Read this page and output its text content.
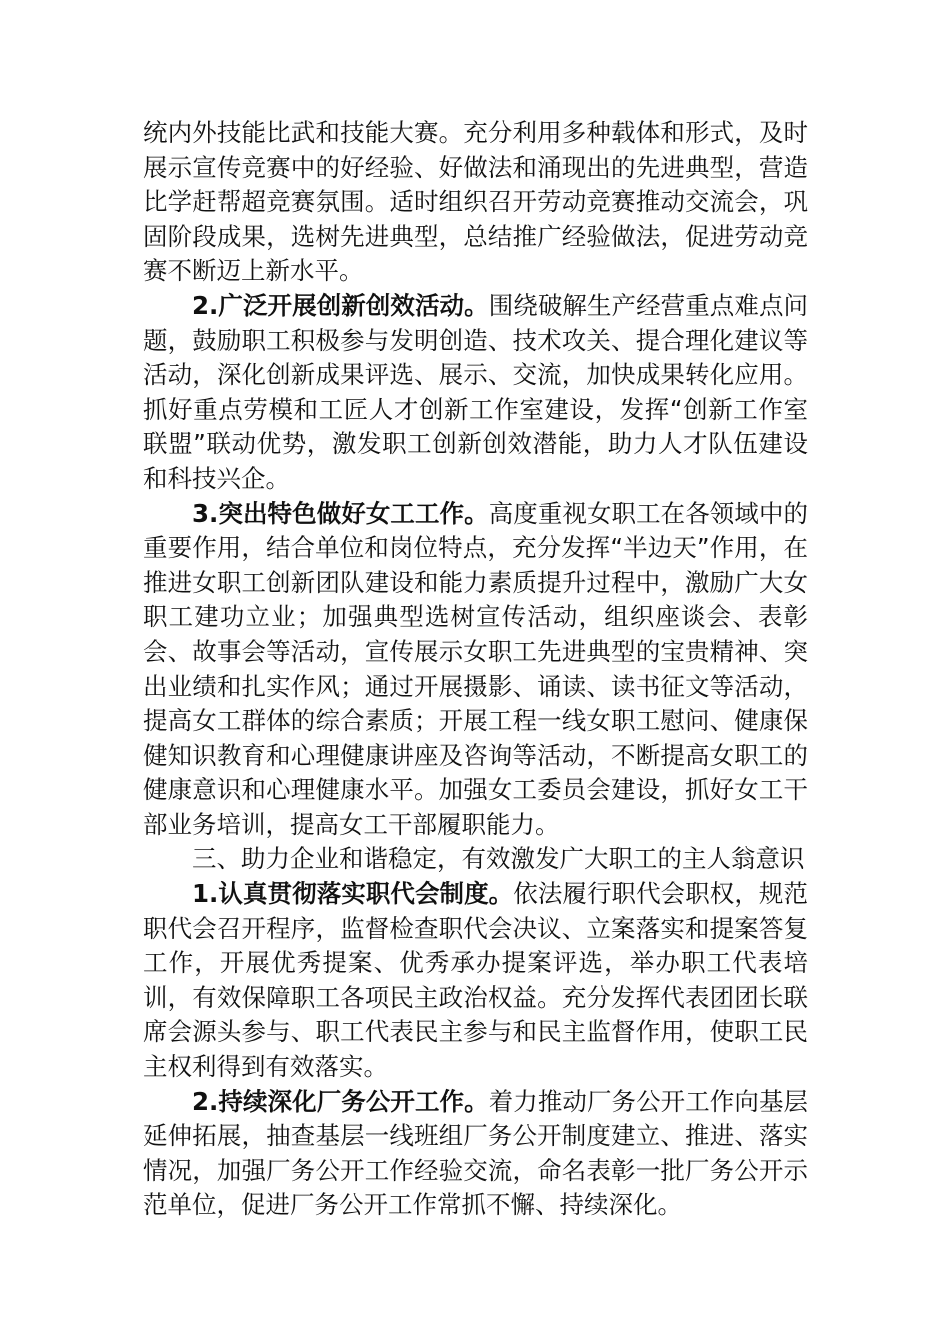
统内外技能比武和技能大赛。充分利用多种载体和形式，及时展示宣传竞赛中的好经验、好做法和涌现出的先进典型，营造比学赶帮超竞赛氛围。适时组织召开劳动竞赛推动交流会，巩固阶段成果，选树先进典型，总结推广经验做法，促进劳动竞赛不断迈上新水平。

2.广泛开展创新创效活动。围绕破解生产经营重点难点问题，鼓励职工积极参与发明创造、技术攻关、提合理化建议等活动，深化创新成果评选、展示、交流，加快成果转化应用。抓好重点劳模和工匠人才创新工作室建设，发挥“创新工作室联盟”联动优势，激发职工创新创效潜能，助力人才队伍建设和科技兴企。

3.突出特色做好女工工作。高度重视女职工在各领域中的重要作用，结合单位和岗位特点，充分发挥“半边天”作用，在推进女职工创新团队建设和能力素质提升过程中，激励广大女职工建功立业；加强典型选树宣传活动，组织座谈会、表彰会、故事会等活动，宣传展示女职工先进典型的宝贵精神、突出业绩和扎实作风；通过开展摄影、诵读、读书征文等活动，提高女工群体的综合素质；开展工程一线女职工慰问、健康保健知识教育和心理健康讲座及咨询等活动，不断提高女职工的健康意识和心理健康水平。加强女工委员会建设，抓好女工干部业务培训，提高女工干部履职能力。

三、助力企业和谐稳定，有效激发广大职工的主人翁意识

1.认真贯彻落实职代会制度。依法履行职代会职权，规范职代会召开程序，监督检查职代会决议、立案落实和提案答复工作，开展优秀提案、优秀承办提案评选，举办职工代表培训，有效保障职工各项民主政治权益。充分发挥代表团团长联席会源头参与、职工代表民主参与和民主监督作用，使职工民主权利得到有效落实。

2.持续深化厂务公开工作。着力推动厂务公开工作向基层延伸拓展，抽查基层一线班组厂务公开制度建立、推进、落实情况，加强厂务公开工作经验交流，命名表彰一批厂务公开示范单位，促进厂务公开工作常抓不懈、持续深化。
